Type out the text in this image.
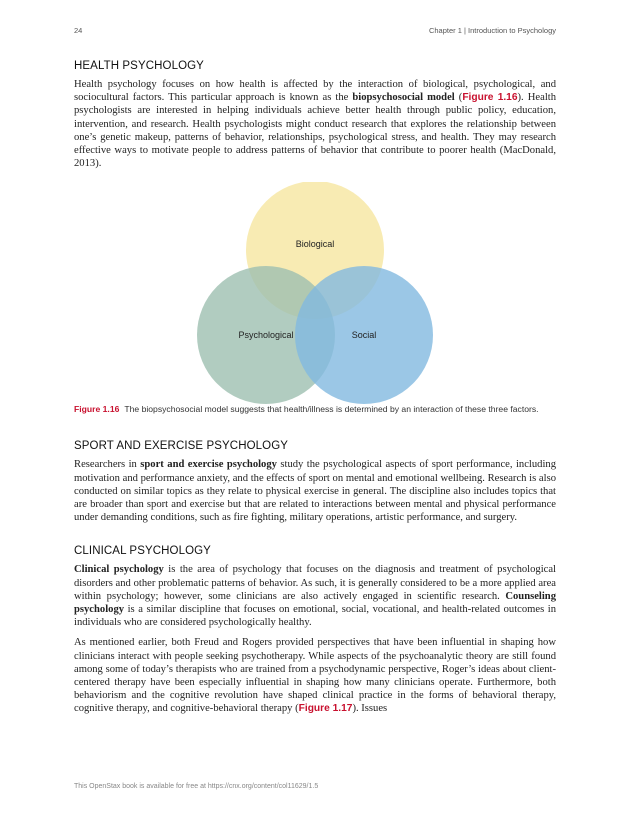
24	Chapter 1 | Introduction to Psychology
HEALTH PSYCHOLOGY

Health psychology focuses on how health is affected by the interaction of biological, psychological, and sociocultural factors. This particular approach is known as the biopsychosocial model (Figure 1.16). Health psychologists are interested in helping individuals achieve better health through public policy, education, intervention, and research. Health psychologists might conduct research that explores the relationship between one’s genetic makeup, patterns of behavior, relationships, psychological stress, and health. They may research effective ways to motivate people to address patterns of behavior that contribute to poorer health (MacDonald, 2013).

Biological
Psychological	Social
Figure 1.16 The biopsychosocial model suggests that health/illness is determined by an interaction of these three factors.
SPORT AND EXERCISE PSYCHOLOGY

Researchers in sport and exercise psychology study the psychological aspects of sport performance, including motivation and performance anxiety, and the effects of sport on mental and emotional wellbeing. Research is also conducted on similar topics as they relate to physical exercise in general. The discipline also includes topics that are broader than sport and exercise but that are related to interactions between mental and physical performance under demanding conditions, such as fire fighting, military operations, artistic performance, and surgery.

CLINICAL PSYCHOLOGY

Clinical psychology is the area of psychology that focuses on the diagnosis and treatment of psychological disorders and other problematic patterns of behavior. As such, it is generally considered to be a more applied area within psychology; however, some clinicians are also actively engaged in scientific research. Counseling psychology is a similar discipline that focuses on emotional, social, vocational, and health-related outcomes in individuals who are considered psychologically healthy.

As mentioned earlier, both Freud and Rogers provided perspectives that have been influential in shaping how clinicians interact with people seeking psychotherapy. While aspects of the psychoanalytic theory are still found among some of today’s therapists who are trained from a psychodynamic perspective, Roger’s ideas about client-centered therapy have been especially influential in shaping how many clinicians operate. Furthermore, both behaviorism and the cognitive revolution have shaped clinical practice in the forms of behavioral therapy, cognitive therapy, and cognitive-behavioral therapy (Figure 1.17). Issues

This OpenStax book is available for free at https://cnx.org/content/col11629/1.5
